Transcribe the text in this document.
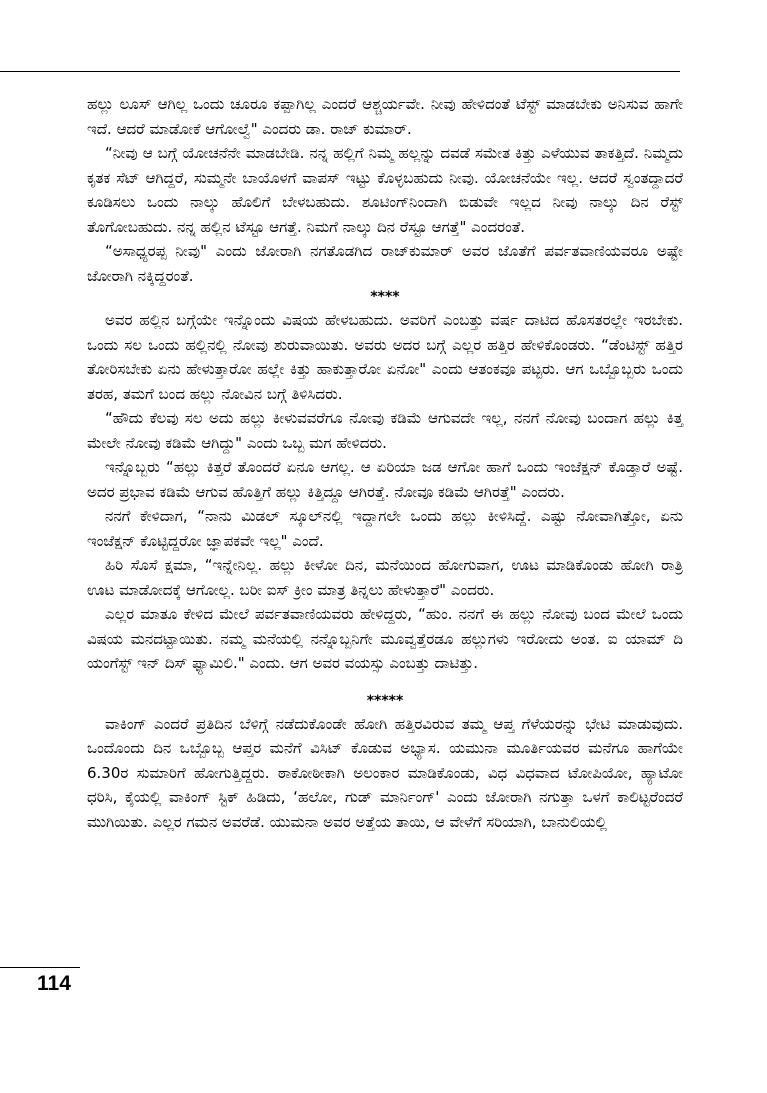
ಹಲ್ಲು ಲೂಸ್ ಆಗಿಲ್ಲ ಒಂದು ಚೂರೂ ಕಪ್ಪಾಗಿಲ್ಲ ಎಂದರೆ ಆಶ್ಚರ್ಯವೇ. ನೀವು ಹೇಳಿದಂತೆ ಟೆಸ್ಟ್ ಮಾಡಬೇಕು ಅನಿಸುವ ಹಾಗೇ ಇದೆ. ಆದರೆ ಮಾಡೋಕೆ ಆಗೋಲ್ವೆ" ಎಂದರು ಡಾ. ರಾಜ್ ಕುಮಾರ್.

“ನೀವು ಆ ಬಗ್ಗೆ ಯೋಚನೆನೇ ಮಾಡಬೇಡಿ. ನನ್ನ ಹಲ್ಲಿಗೆ ನಿಮ್ಮ ಹಲ್ಲನ್ನು ದವಡೆ ಸಮೇತ ಕಿತ್ತು ಎಳೆಯುವ ತಾಕತ್ತಿದೆ. ನಿಮ್ಮದು ಕೃತಕ ಸೆಟ್ ಆಗಿದ್ದರೆ, ಸುಮ್ಮನೇ ಬಾಯೊಳಗೆ ವಾಪಸ್ ಇಟ್ಟು ಕೊಳ್ಳಬಹುದು ನೀವು. ಯೋಚನೆಯೇ ಇಲ್ಲ. ಆದರೆ ಸ್ವಂತದ್ದಾದರೆ ಕೂಡಿಸಲು ಒಂದು ನಾಲ್ಕು ಹೊಲಿಗೆ ಬೇಳಬಹುದು. ಶೂಟಿಂಗ್‌ನಿಂದಾಗಿ ಬಿಡುವೇ ಇಲ್ಲದ ನೀವು ನಾಲ್ಕು ದಿನ ರೆಸ್ಟ್ ತೊಗೋಬಹುದು. ನನ್ನ ಹಲ್ಲಿನ ಟೆಸ್ಟೂ ಆಗತ್ತೆ. ನಿಮಗೆ ನಾಲ್ಕು ದಿನ ರೆಸ್ಟೂ ಆಗತ್ತೆ" ಎಂದರಂತೆ.

“ಅಸಾಧ್ಯರಪ್ಪ ನೀವು" ಎಂದು ಜೋರಾಗಿ ನಗತೊಡಗಿದ ರಾಜ್‌ಕುಮಾರ್ ಅವರ ಜೊತೆಗೆ ಪರ್ವತವಾಣಿಯವರೂ ಅಷ್ಟೇ ಜೋರಾಗಿ ನಕ್ಕಿದ್ದರಂತೆ.

****

ಅವರ ಹಲ್ಲಿನ ಬಗ್ಗೆಯೇ ಇನ್ನೊಂದು ವಿಷಯ ಹೇಳಬಹುದು. ಅವರಿಗೆ ಎಂಬತ್ತು ವರ್ಷ ದಾಟಿದ ಹೊಸತರಲ್ಲೇ ಇರಬೇಕು. ಒಂದು ಸಲ ಒಂದು ಹಲ್ಲಿನಲ್ಲಿ ನೋವು ಶುರುವಾಯಿತು. ಅವರು ಅದರ ಬಗ್ಗೆ ಎಲ್ಲರ ಹತ್ತಿರ ಹೇಳಿಕೊಂಡರು. “ಡೆಂಟಿಸ್ಟ್ ಹತ್ತಿರ ತೋರಿಸಬೇಕು ಏನು ಹೇಳುತ್ತಾರೋ ಹಲ್ಲೇ ಕಿತ್ತು ಹಾಕುತ್ತಾರೋ ಏನೋ" ಎಂದು ಆತಂಕವೂ ಪಟ್ಟರು. ಆಗ ಒಬ್ಬೊಬ್ಬರು ಒಂದು ತರಹ, ತಮಗೆ ಬಂದ ಹಲ್ಲು ನೋವಿನ ಬಗ್ಗೆ ತಿಳಿಸಿದರು.

“ಹೌದು ಕೆಲವು ಸಲ ಅದು ಹಲ್ಲು ಕೀಳುವವರೆಗೂ ನೋವು ಕಡಿಮೆ ಆಗುವದೇ ಇಲ್ಲ, ನನಗೆ ನೋವು ಬಂದಾಗ ಹಲ್ಲು ಕಿತ್ತ ಮೇಲೇ ನೋವು ಕಡಿಮೆ ಆಗಿದ್ದು" ಎಂದು ಒಬ್ಬ ಮಗ ಹೇಳಿದರು.

ಇನ್ನೊಬ್ಬರು “ಹಲ್ಲು ಕಿತ್ತರೆ ತೊಂದರೆ ಏನೂ ಆಗಲ್ಲ. ಆ ಏರಿಯಾ ಜಡ ಆಗೋ ಹಾಗೆ ಒಂದು ಇಂಜೆಕ್ಷನ್ ಕೊಡ್ತಾರೆ ಅಷ್ಟೆ. ಅದರ ಪ್ರಭಾವ ಕಡಿಮೆ ಆಗುವ ಹೊತ್ತಿಗೆ ಹಲ್ಲು ಕಿತ್ತಿದ್ದೂ ಆಗಿರತ್ತೆ. ನೋವೂ ಕಡಿಮೆ ಆಗಿರತ್ತೆ" ಎಂದರು.

ನನಗೆ ಕೇಳಿದಾಗ, “ನಾನು ಮಿಡಲ್ ಸ್ಕೂಲ್‌ನಲ್ಲಿ ಇದ್ದಾಗಲೇ ಒಂದು ಹಲ್ಲು ಕೀಳಿಸಿದ್ದೆ. ಎಷ್ಟು ನೋವಾಗಿತ್ತೋ, ಏನು ಇಂಜೆಕ್ಷನ್ ಕೊಟ್ಟಿದ್ದರೋ ಜ್ಞಾಪಕವೇ ಇಲ್ಲ" ಎಂದೆ.

ಹಿರಿ ಸೊಸೆ ಕ್ಷಮಾ, “ಇನ್ನೇನಿಲ್ಲ. ಹಲ್ಲು ಕೀಳೋ ದಿನ, ಮನೆಯಿಂದ ಹೋಗುವಾಗ, ಊಟ ಮಾಡಿಕೊಂಡು ಹೋಗಿ ರಾತ್ರಿ ಊಟ ಮಾಡೋದಕ್ಕೆ ಆಗೋಲ್ಲ. ಬರೀ ಐಸ್ ಕ್ರೀಂ ಮಾತ್ರ ತಿನ್ನಲು ಹೇಳುತ್ತಾರೆ" ಎಂದರು.

ಎಲ್ಲರ ಮಾತೂ ಕೇಳಿದ ಮೇಲೆ ಪರ್ವತವಾಣಿಯವರು ಹೇಳಿದ್ದರು, “ಹುಂ. ನನಗೆ ಈ ಹಲ್ಲು ನೋವು ಬಂದ ಮೇಲೆ ಒಂದು ವಿಷಯ ಮನದಟ್ಟಾಯಿತು. ನಮ್ಮ ಮನೆಯಲ್ಲಿ ನನ್ನೊಬ್ಬನಿಗೇ ಮೂವ್ವತ್ತೆರಡೂ ಹಲ್ಲುಗಳು ಇರೋದು ಅಂತ. ಐ ಯಾಮ್ ದಿ ಯಂಗೆಸ್ಟ್ ಇನ್ ದಿಸ್ ಫ್ಯಾಮಿಲಿ." ಎಂದು. ಆಗ ಅವರ ವಯಸ್ಸು ಎಂಬತ್ತು ದಾಟಿತ್ತು.

*****

ವಾಕಿಂಗ್ ಎಂದರೆ ಪ್ರತಿದಿನ ಬೆಳಿಗ್ಗೆ ನಡೆದುಕೊಂಡೇ ಹೋಗಿ ಹತ್ತಿರವಿರುವ ತಮ್ಮ ಆಪ್ತ ಗೆಳೆಯರನ್ನು ಭೇಟಿ ಮಾಡುವುದು. ಒಂದೊಂದು ದಿನ ಒಬ್ಬೊಬ್ಬ ಆಪ್ತರ ಮನೆಗೆ ವಿಸಿಟ್ ಕೊಡುವ ಅಭ್ಯಾಸ. ಯಮುನಾ ಮೂರ್ತಿಯವರ ಮನೆಗೂ ಹಾಗೆಯೇ 6.30ರ ಸುಮಾರಿಗೆ ಹೋಗುತ್ತಿದ್ದರು. ಠಾಕೋಠೀಕಾಗಿ ಅಲಂಕಾರ ಮಾಡಿಕೊಂಡು, ವಿಧ ವಿಧವಾದ ಟೋಪಿಯೋ, ಹ್ಯಾಟೋ ಧರಿಸಿ, ಕೈಯಲ್ಲಿ ವಾಕಿಂಗ್ ಸ್ಟಿಕ್ ಹಿಡಿದು, ‘ಹಲೋ, ಗುಡ್ ಮಾರ್ನಿಂಗ್' ಎಂದು ಜೋರಾಗಿ ನಗುತ್ತಾ ಒಳಗೆ ಕಾಲಿಟ್ಟರೆಂದರೆ ಮುಗಿಯಿತು. ಎಲ್ಲರ ಗಮನ ಅವರೆಡೆ. ಯುಮನಾ ಅವರ ಅತ್ತೆಯ ತಾಯಿ, ಆ ವೇಳೆಗೆ ಸರಿಯಾಗಿ, ಬಾನುಲಿಯಲ್ಲಿ

114
